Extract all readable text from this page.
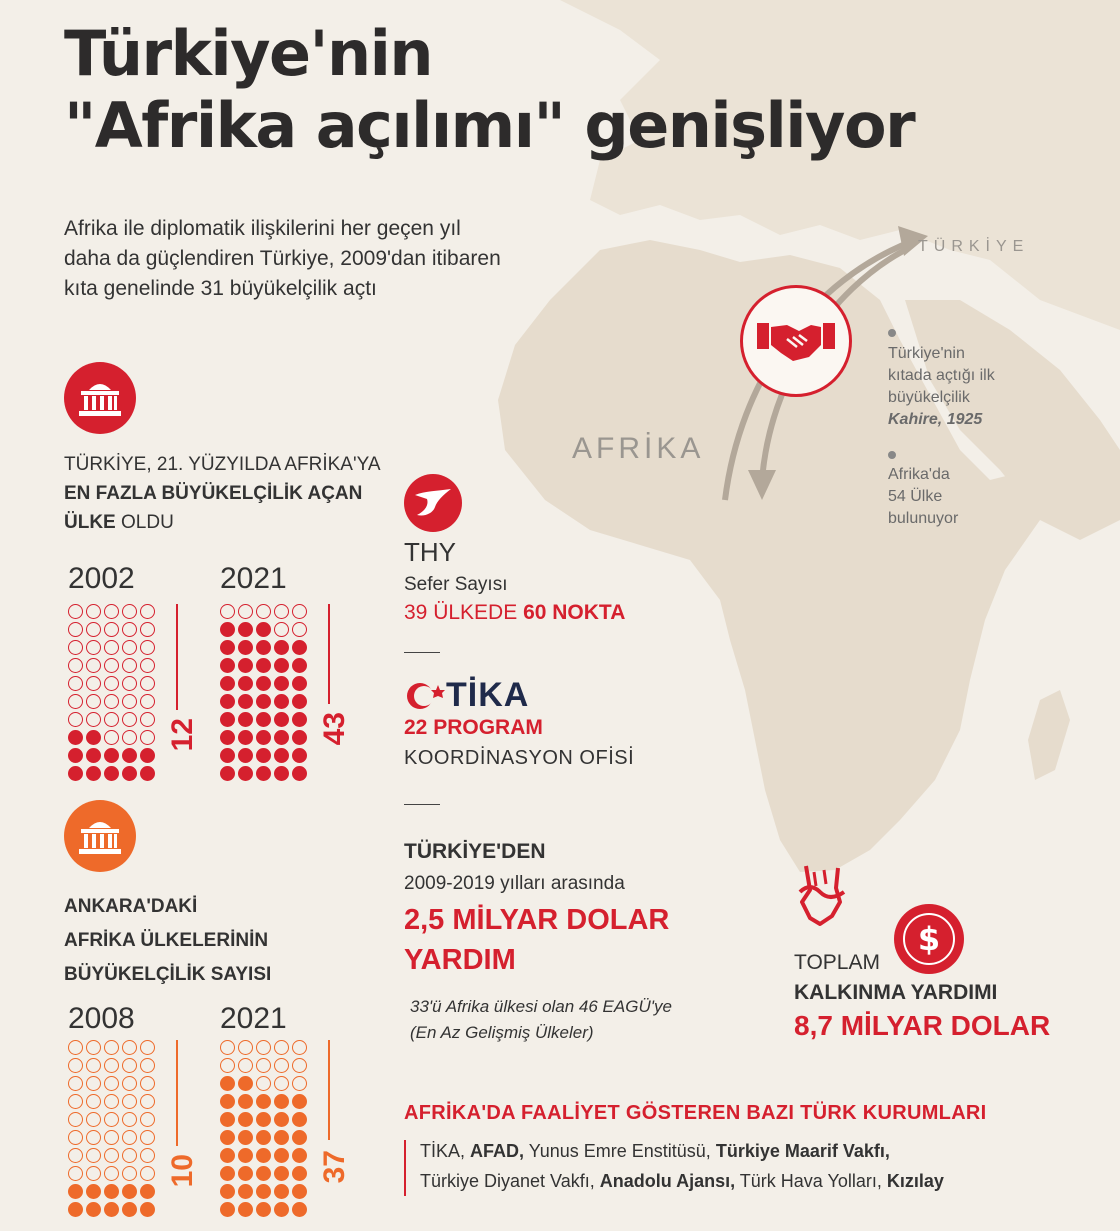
Türkiye'nin
"Afrika açılımı" genişliyor
Afrika ile diplomatik ilişkilerini her geçen yıl
daha da güçlendiren Türkiye, 2009'dan itibaren
kıta genelinde 31 büyükelçilik açtı
TÜRKİYE
AFRİKA
Türkiye'nin
kıtada açtığı ilk
büyükelçilik
Kahire, 1925
Afrika'da
54 Ülke
bulunuyor
TÜRKİYE, 21. YÜZYILDA AFRİKA'YA
EN FAZLA BÜYÜKELÇİLİK AÇAN
ÜLKE OLDU
2002	2021
12	43
ANKARA'DAKİ
AFRİKA ÜLKELERİNİN
BÜYÜKELÇİLİK SAYISI
2008	2021
10	37
THY
Sefer Sayısı
39 ÜLKEDE 60 NOKTA
TİKA
22 PROGRAM
KOORDİNASYON OFİSİ
TÜRKİYE'DEN
2009-2019 yılları arasında
2,5 MİLYAR DOLAR
YARDIM
33'ü Afrika ülkesi olan 46 EAGÜ'ye
(En Az Gelişmiş Ülkeler)
$
TOPLAM
KALKINMA YARDIMI
8,7 MİLYAR DOLAR
AFRİKA'DA FAALİYET GÖSTEREN BAZI TÜRK KURUMLARI
TİKA, AFAD, Yunus Emre Enstitüsü, Türkiye Maarif Vakfı,
Türkiye Diyanet Vakfı, Anadolu Ajansı, Türk Hava Yolları, Kızılay
